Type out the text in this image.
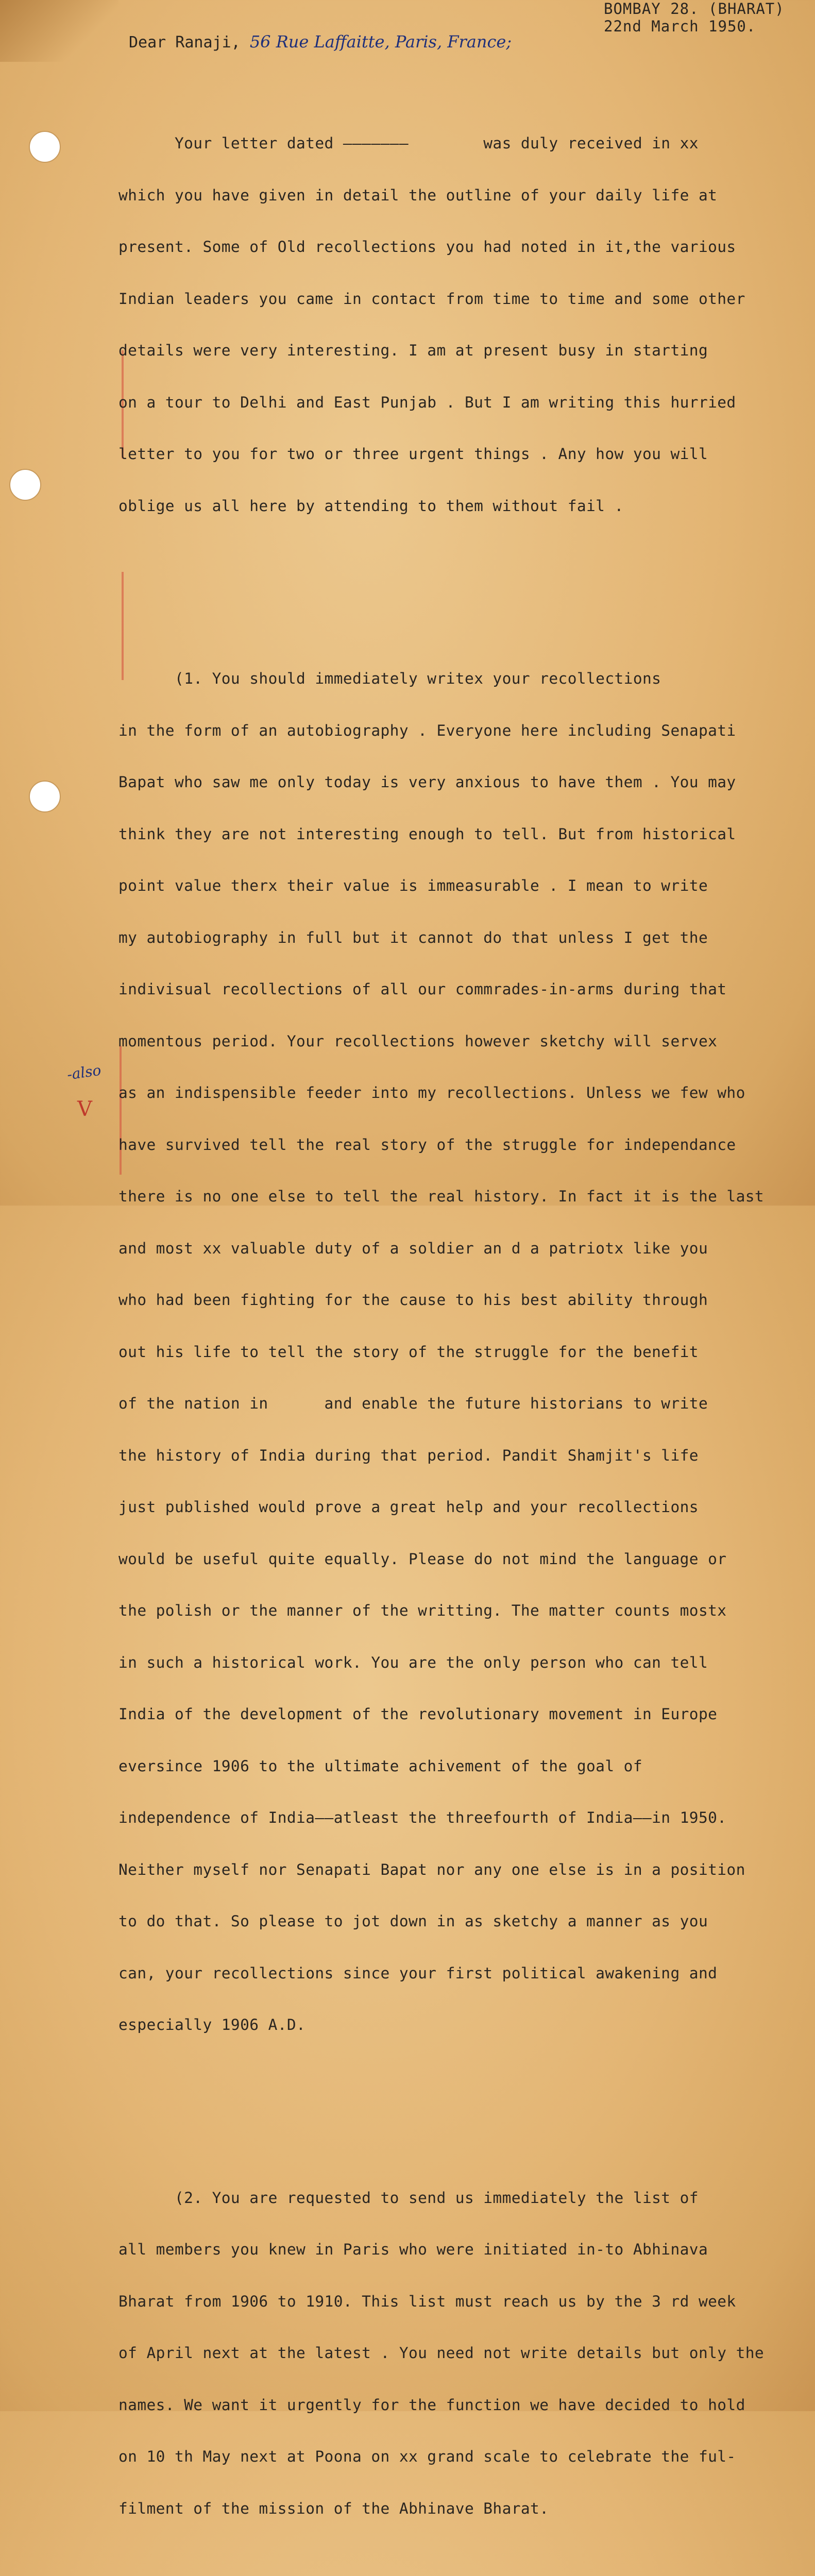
BOMBAY 28. (BHARAT)
22nd March 1950.
Dear Ranaji, 56 Rue Laffaitte, Paris, France;
-also
V

Your letter dated ———————        was duly received in xx

which you have given in detail the outline of your daily life at

present. Some of Old recollections you had noted in it,the various

Indian leaders you came in contact from time to time and some other

details were very interesting. I am at present busy in starting

on a tour to Delhi and East Punjab . But I am writing this hurried

letter to you for two or three urgent things . Any how you will

oblige us all here by attending to them without fail .

(1. You should immediately writex your recollections

in the form of an autobiography . Everyone here including Senapati

Bapat who saw me only today is very anxious to have them . You may

think they are not interesting enough to tell. But from historical

point value therx their value is immeasurable . I mean to write

my autobiography in full but it cannot do that unless I get the

indivisual recollections of all our commrades-in-arms during that

momentous period. Your recollections however sketchy will servex

as an indispensible feeder into my recollections. Unless we few who

have survived tell the real story of the struggle for independance

there is no one else to tell the real history. In fact it is the last

and most xx valuable duty of a soldier an d a patriotx like you

who had been fighting for the cause to his best ability through

out his life to tell the story of the struggle for the benefit

of the nation in      and enable the future historians to write

the history of India during that period. Pandit Shamjit's life

just published would prove a great help and your recollections

would be useful quite equally. Please do not mind the language or

the polish or the manner of the writting. The matter counts mostx

in such a historical work. You are the only person who can tell

India of the development of the revolutionary movement in Europe

eversince 1906 to the ultimate achivement of the goal of

independence of India——atleast the threefourth of India——in 1950.

Neither myself nor Senapati Bapat nor any one else is in a position

to do that. So please to jot down in as sketchy a manner as you

can, your recollections since your first political awakening and

especially 1906 A.D.

(2. You are requested to send us immediately the list of

all members you knew in Paris who were initiated in-to Abhinava

Bharat from 1906 to 1910. This list must reach us by the 3 rd week

of April next at the latest . You need not write details but only the

names. We want it urgently for the function we have decided to hold

on 10 th May next at Poona on xx grand scale to celebrate the ful-

filment of the mission of the Abhinave Bharat.
